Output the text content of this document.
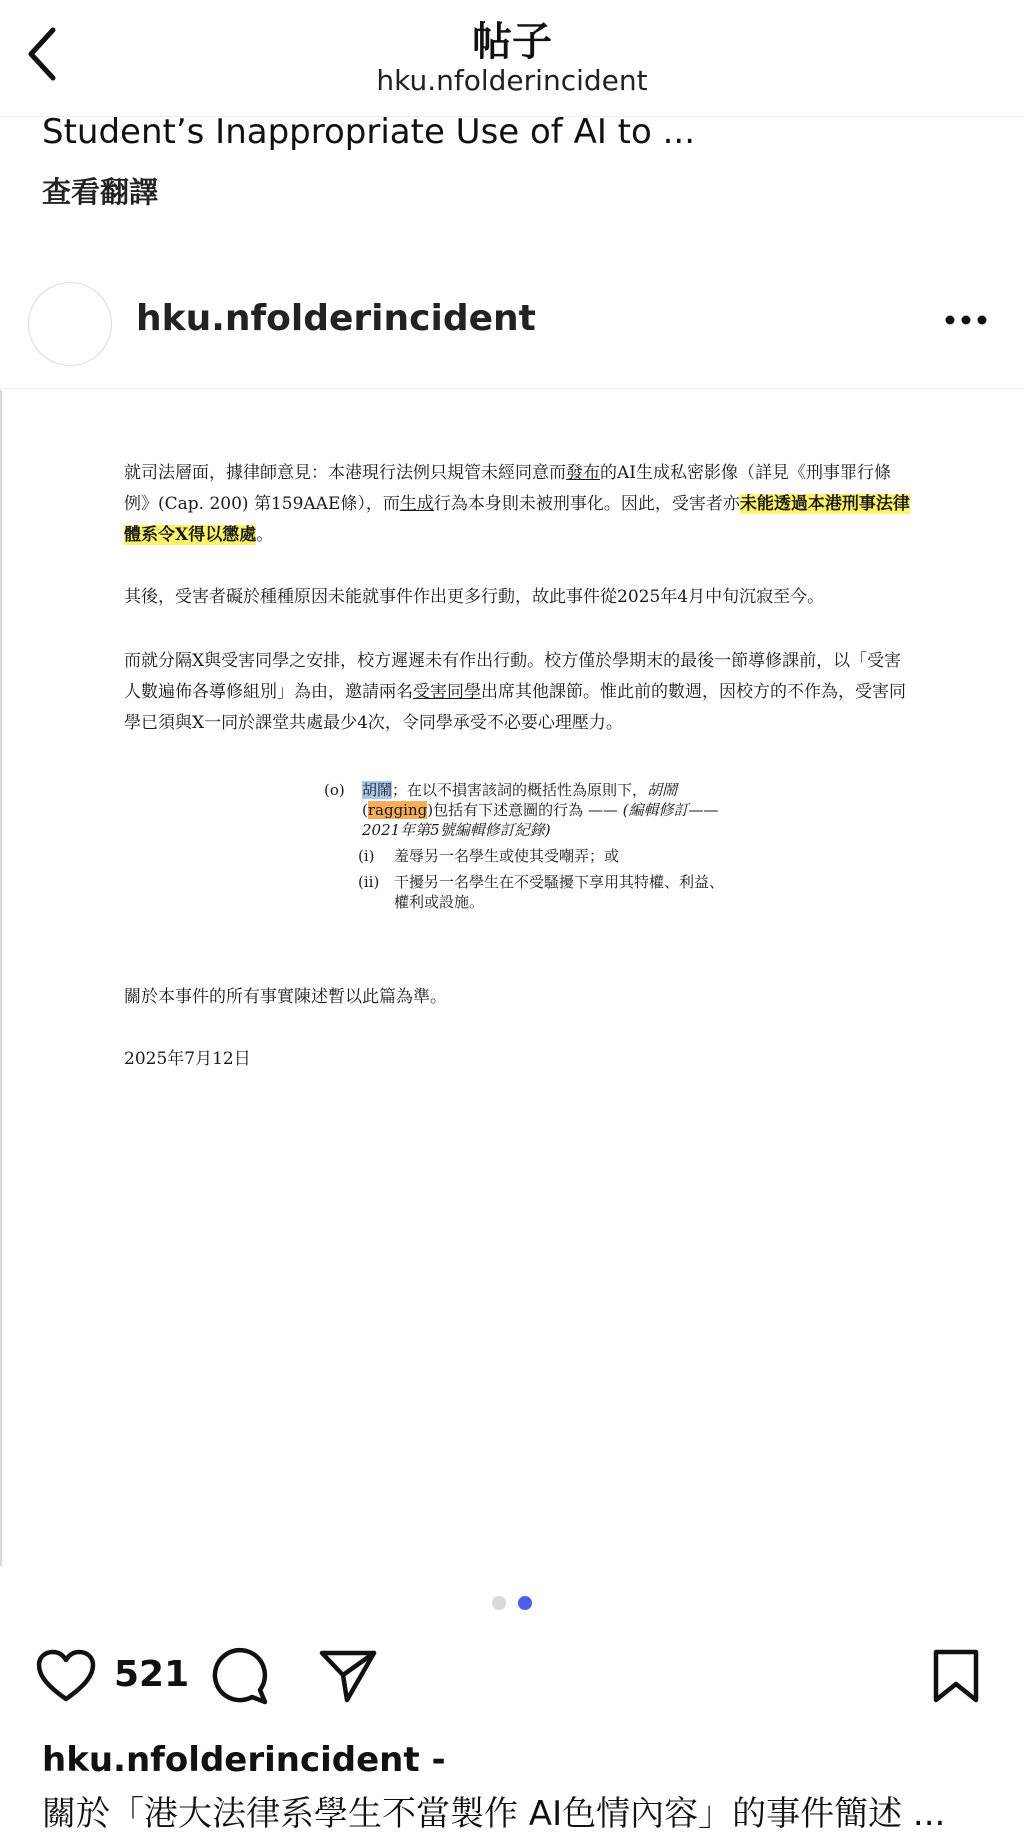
帖子
hku.nfolderincident
Student’s Inappropriate Use of AI to ...
查看翻譯
hku.nfolderincident

就司法層面，據律師意見：本港現行法例只規管未經同意而發布的AI生成私密影像（詳見《刑事罪行條例》(Cap. 200) 第159AAE條），而生成行為本身則未被刑事化。因此，受害者亦未能透過本港刑事法律體系令X得以懲處。

其後，受害者礙於種種原因未能就事件作出更多行動，故此事件從2025年4月中旬沉寂至今。

而就分隔X與受害同學之安排，校方遲遲未有作出行動。校方僅於學期末的最後一節導修課前，以「受害人數遍佈各導修組別」為由，邀請兩名受害同學出席其他課節。惟此前的數週，因校方的不作為，受害同學已須與X一同於課堂共處最少4次，令同學承受不必要心理壓力。

(o)	胡鬧；在以不損害該詞的概括性為原則下，胡鬧
(ragging)包括有下述意圖的行為 —— (編輯修訂—— 2021年第5號編輯修訂紀錄)
(i)	羞辱另一名學生或使其受嘲弄；或
(ii) 干擾另一名學生在不受騷擾下享用其特權、利益、權利或設施。

關於本事件的所有事實陳述暫以此篇為準。

2025年7月12日

521
hku.nfolderincident -
關於「港大法律系學生不當製作 AI色情內容」的事件簡述 ...
